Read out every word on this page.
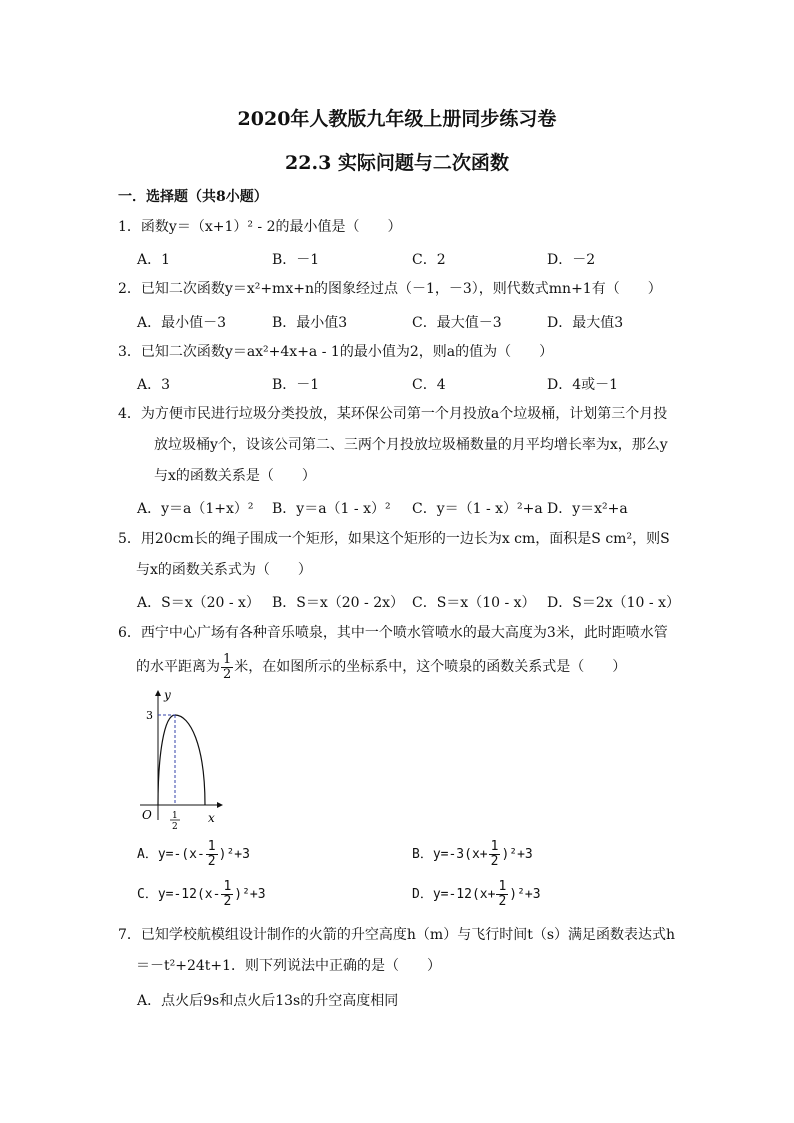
2020年人教版九年级上册同步练习卷
22.3 实际问题与二次函数
一．选择题（共8小题）
1．函数y＝（x+1）² - 2的最小值是（　　）
A．1	B．－1	C．2	D．－2
2．已知二次函数y＝x²+mx+n的图象经过点（－1，－3），则代数式mn+1有（　　）
A．最小值－3	B．最小值3	C．最大值－3	D．最大值3
3．已知二次函数y＝ax²+4x+a - 1的最小值为2，则a的值为（　　）
A．3	B．－1	C．4	D．4或－1
4．为方便市民进行垃圾分类投放，某环保公司第一个月投放a个垃圾桶，计划第三个月投
放垃圾桶y个，设该公司第二、三两个月投放垃圾桶数量的月平均增长率为x，那么y
与x的函数关系是（　　）
A．y＝a（1+x）² B．y＝a（1 - x）² C．y＝（1 - x）²+a D．y＝x²+a
5．用20cm长的绳子围成一个矩形，如果这个矩形的一边长为x cm，面积是S cm²，则S
与x的函数关系式为（　　）
A．S＝x（20 - x） B．S＝x（20 - 2x） C．S＝x（10 - x） D．S＝2x（10 - x）
6．西宁中心广场有各种音乐喷泉，其中一个喷水管喷水的最大高度为3米，此时距喷水管
的水平距离为 $\frac{1}{2}$ 米，在如图所示的坐标系中，这个喷泉的函数关系式是（　　）
y
x
O
3
1
2
A．$y=-(x- \frac{1}{2} )^2+3$	B．$y=-3(x+ \frac{1}{2} )^2+3$
C．$y=-12(x- \frac{1}{2} )^2+3$	D．$y=-12(x+ \frac{1}{2} )^2+3$
7．已知学校航模组设计制作的火箭的升空高度h（m）与飞行时间t（s）满足函数表达式h
＝－t²+24t+1．则下列说法中正确的是（　　）
A．点火后9s和点火后13s的升空高度相同
